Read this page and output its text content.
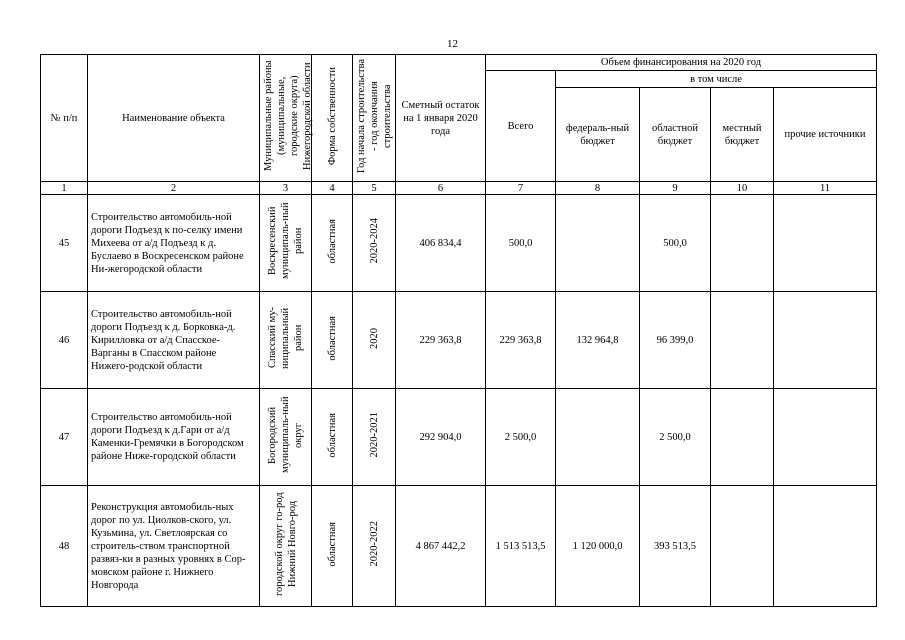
12
№ п/п	Наименование объекта	Муниципальные районы (муниципальные, городские округа) Нижегородской области	Форма собственности	Год начала строительства - год окончания строительства	Сметный остаток на 1 января 2020 года	Объем финансирования на 2020 год				
						Всего	в том числе			
							федераль-ный бюджет	областной бюджет	местный бюджет	прочие источники
1	2	3	4	5	6	7	8	9	10	11
45	Строительство автомобиль-ной дороги Подъезд к по-селку имени Михеева от а/д Подъезд к д. Буслаево в Воскресенском районе Ни-жегородской области	Воскресенский муниципаль-ный район	областная	2020-2024	406 834,4	500,0		500,0		
46	Строительство автомобиль-ной дороги Подъезд к д. Борковка-д. Кирилловка от а/д Спасское-Варганы в Спасском районе Нижего-родской области	Спасский му-ниципальный район	областная	2020	229 363,8	229 363,8	132 964,8	96 399,0		
47	Строительство автомобиль-ной дороги Подъезд к д.Гари от а/д Каменки-Гремячки в Богородском районе Ниже-городской области	Богородский муниципаль-ный округ	областная	2020-2021	292 904,0	2 500,0		2 500,0		
48	Реконструкция автомобиль-ных дорог по ул. Циолков-ского, ул. Кузьмина, ул. Светлоярская со строитель-ством транспортной развяз-ки в разных уровнях в Сор-мовском районе г. Нижнего Новгорода	городской округ го-род Нижний Новго-род	областная	2020-2022	4 867 442,2	1 513 513,5	1 120 000,0	393 513,5		
